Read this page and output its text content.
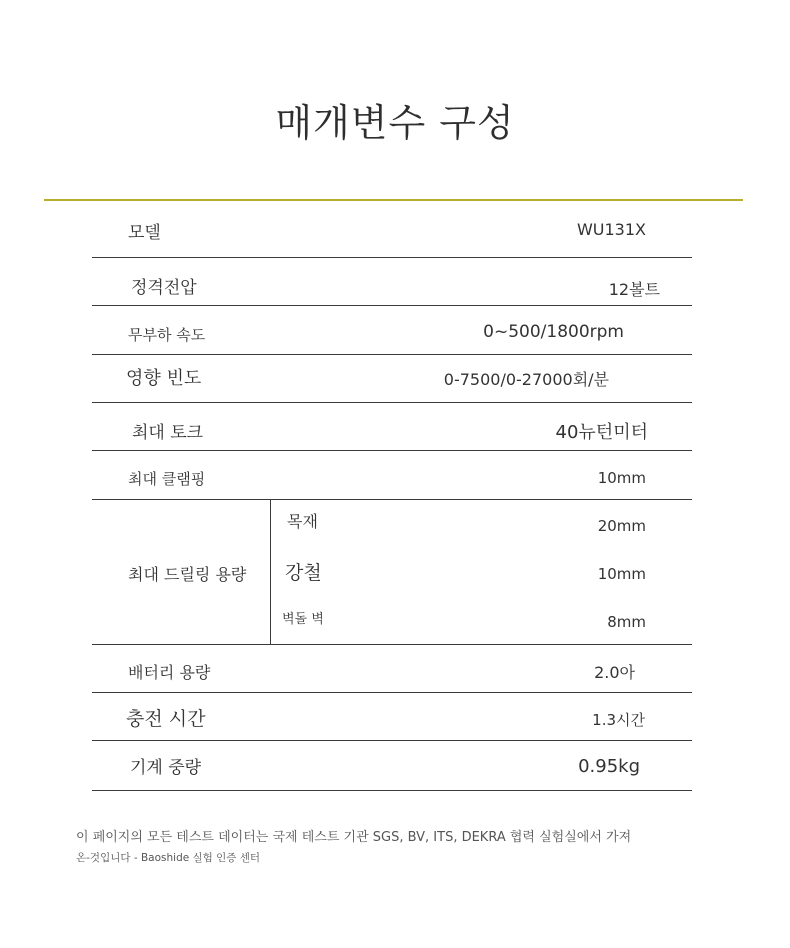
매개변수 구성
모델	WU131X
정격전압	12볼트
무부하 속도	0~500/1800rpm
영향 빈도	0-7500/0-27000회/분
최대 토크	40뉴턴미터
최대 클램핑	10mm
최대 드릴링 용량
목재	20mm
강철	10mm
벽돌 벽	8mm
배터리 용량	2.0아
충전 시간	1.3시간
기계 중량	0.95kg
이 페이지의 모든 테스트 데이터는 국제 테스트 기관 SGS, BV, ITS, DEKRA 협력 실험실에서 가져
온-것입니다 - Baoshide 실험 인증 센터
